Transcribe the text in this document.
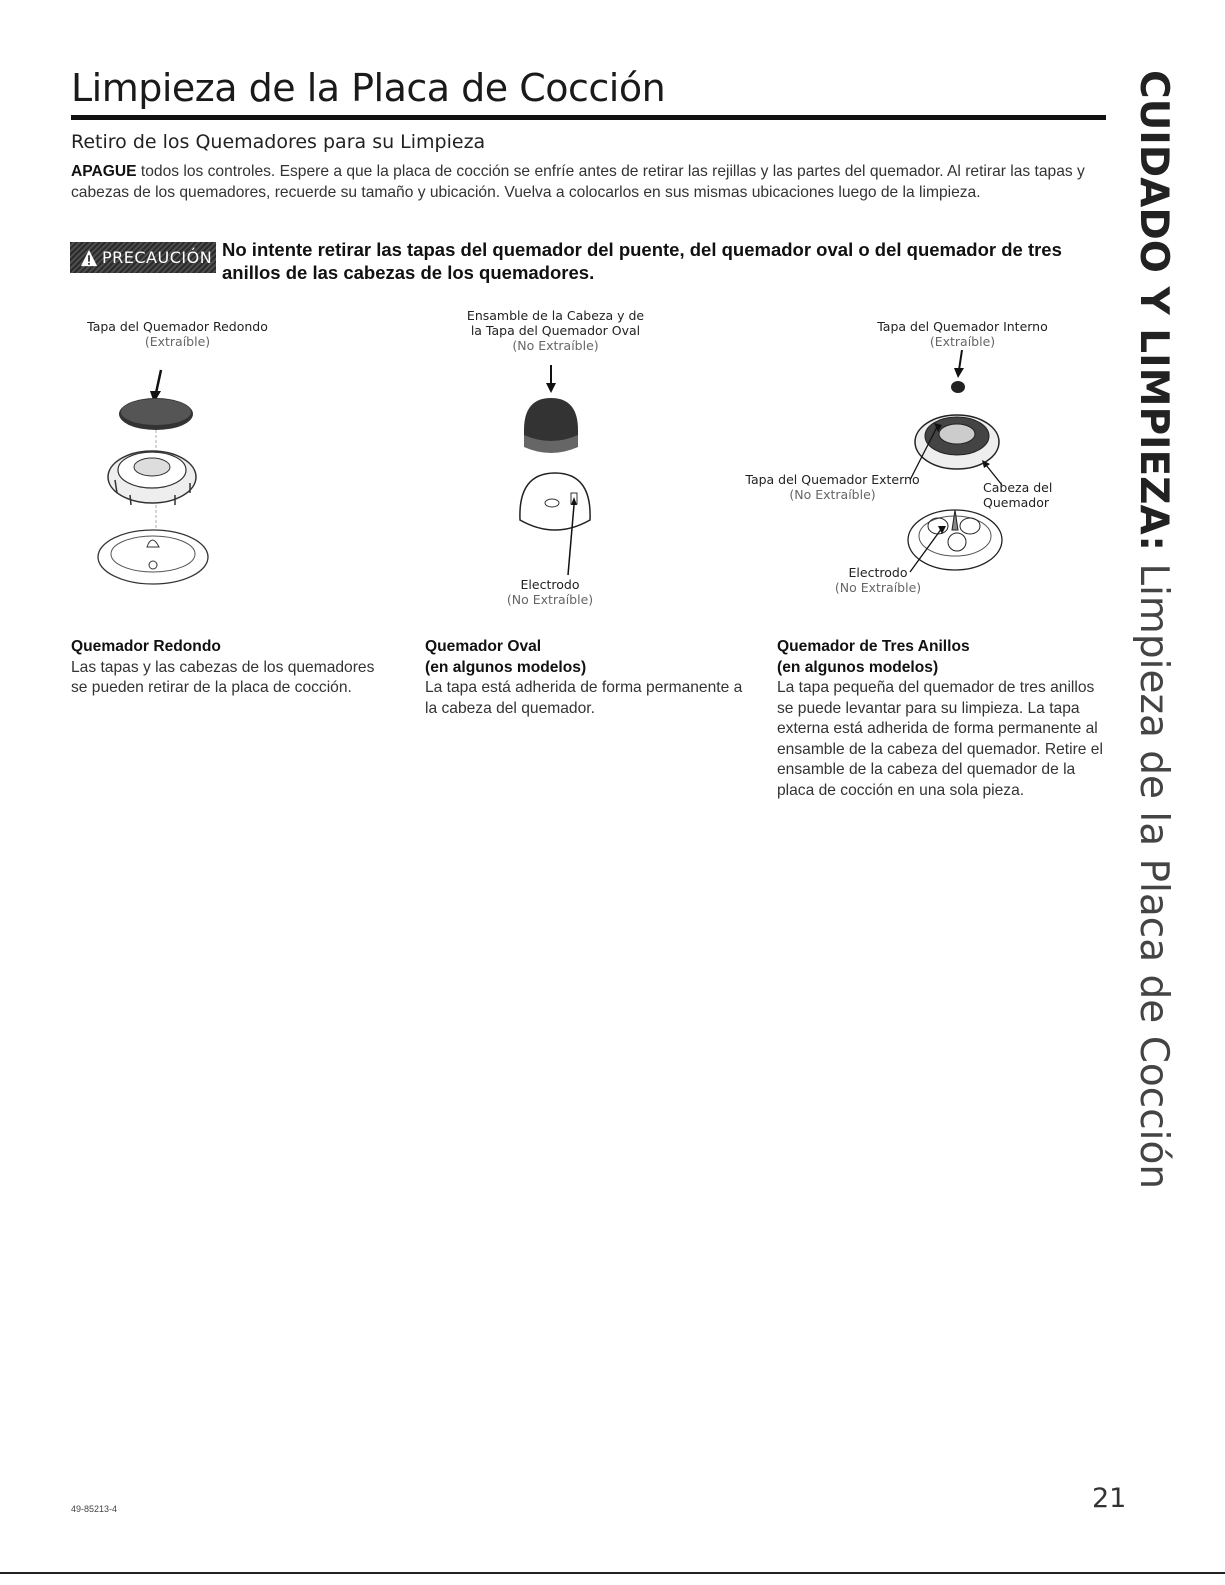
Limpieza de la Placa de Cocción
Retiro de los Quemadores para su Limpieza

APAGUE todos los controles. Espere a que la placa de cocción se enfríe antes de retirar las rejillas y las partes del quemador. Al retirar las tapas y cabezas de los quemadores, recuerde su tamaño y ubicación. Vuelva a colocarlos en sus mismas ubicaciones luego de la limpieza.

PRECAUCIÓN No intente retirar las tapas del quemador del puente, del quemador oval o del quemador de tres anillos de las cabezas de los quemadores.

Tapa del Quemador Redondo
(Extraíble)
Ensamble de la Cabeza y de
la Tapa del Quemador Oval
(No Extraíble)
Electrodo
(No Extraíble)
Tapa del Quemador Interno
(Extraíble)
Tapa del Quemador Externo
(No Extraíble)	Cabeza del
Quemador
Electrodo
(No Extraíble)
Quemador Redondo
Las tapas y las cabezas de los quemadores se pueden retirar de la placa de cocción.
Quemador Oval
(en algunos modelos)
La tapa está adherida de forma permanente a la cabeza del quemador.
Quemador de Tres Anillos
(en algunos modelos)
La tapa pequeña del quemador de tres anillos se puede levantar para su limpieza. La tapa externa está adherida de forma permanente al ensamble de la cabeza del quemador. Retire el ensamble de la cabeza del quemador de la placa de cocción en una sola pieza.
CUIDADO Y LIMPIEZA: Limpieza de la Placa de Cocción
49-85213-4	21
